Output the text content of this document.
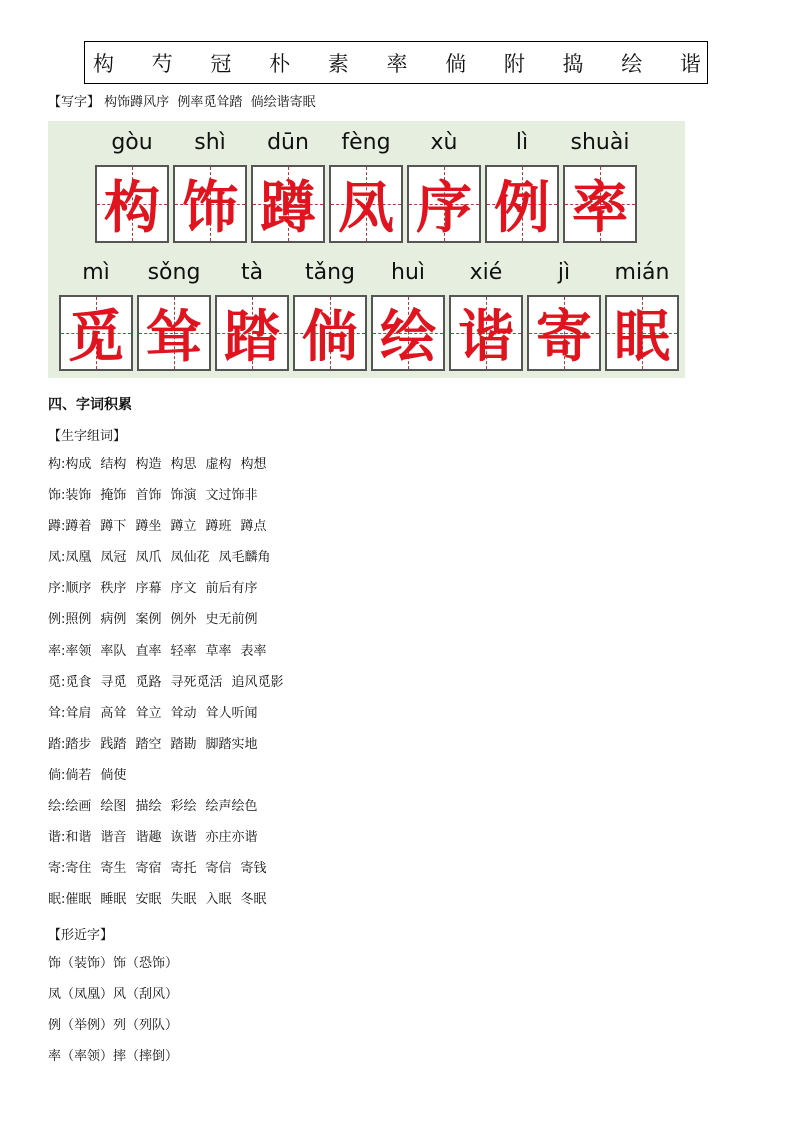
构 芍 冠 朴 素 率 倘 附 捣 绘 谐
【写字】 构饰蹲风序  例率觅耸踏  倘绘谐寄眠
gòu
构
shì
饰
dūn
蹲
fèng
凤
xù
序
lì
例
shuài
率
mì
觅
sǒng
耸
tà
踏
tǎng
倘
huì
绘
xié
谐
jì
寄
mián
眠
四、字词积累
【生字组词】
构:构成 结构 构造 构思 虚构 构想
饰:装饰 掩饰 首饰 饰演 文过饰非
蹲:蹲着 蹲下 蹲坐 蹲立 蹲班 蹲点
凤:凤凰 凤冠 凤爪 凤仙花 凤毛麟角
序:顺序 秩序 序幕 序文 前后有序
例:照例 病例 案例 例外 史无前例
率:率领 率队 直率 轻率 草率 表率
觅:觅食 寻觅 觅路 寻死觅活 追风觅影
耸:耸肩 高耸 耸立 耸动 耸人听闻
踏:踏步 践踏 踏空 踏勘 脚踏实地
倘:倘若 倘使
绘:绘画 绘图 描绘 彩绘 绘声绘色
谐:和谐 谐音 谐趣 诙谐 亦庄亦谐
寄:寄住 寄生 寄宿 寄托 寄信 寄钱
眠:催眠 睡眠 安眠 失眠 入眠 冬眠
【形近字】
饰（装饰）饰（恐饰）
凤（凤凰）风（刮风）
例（举例）列（列队）
率（率领）摔（摔倒）
